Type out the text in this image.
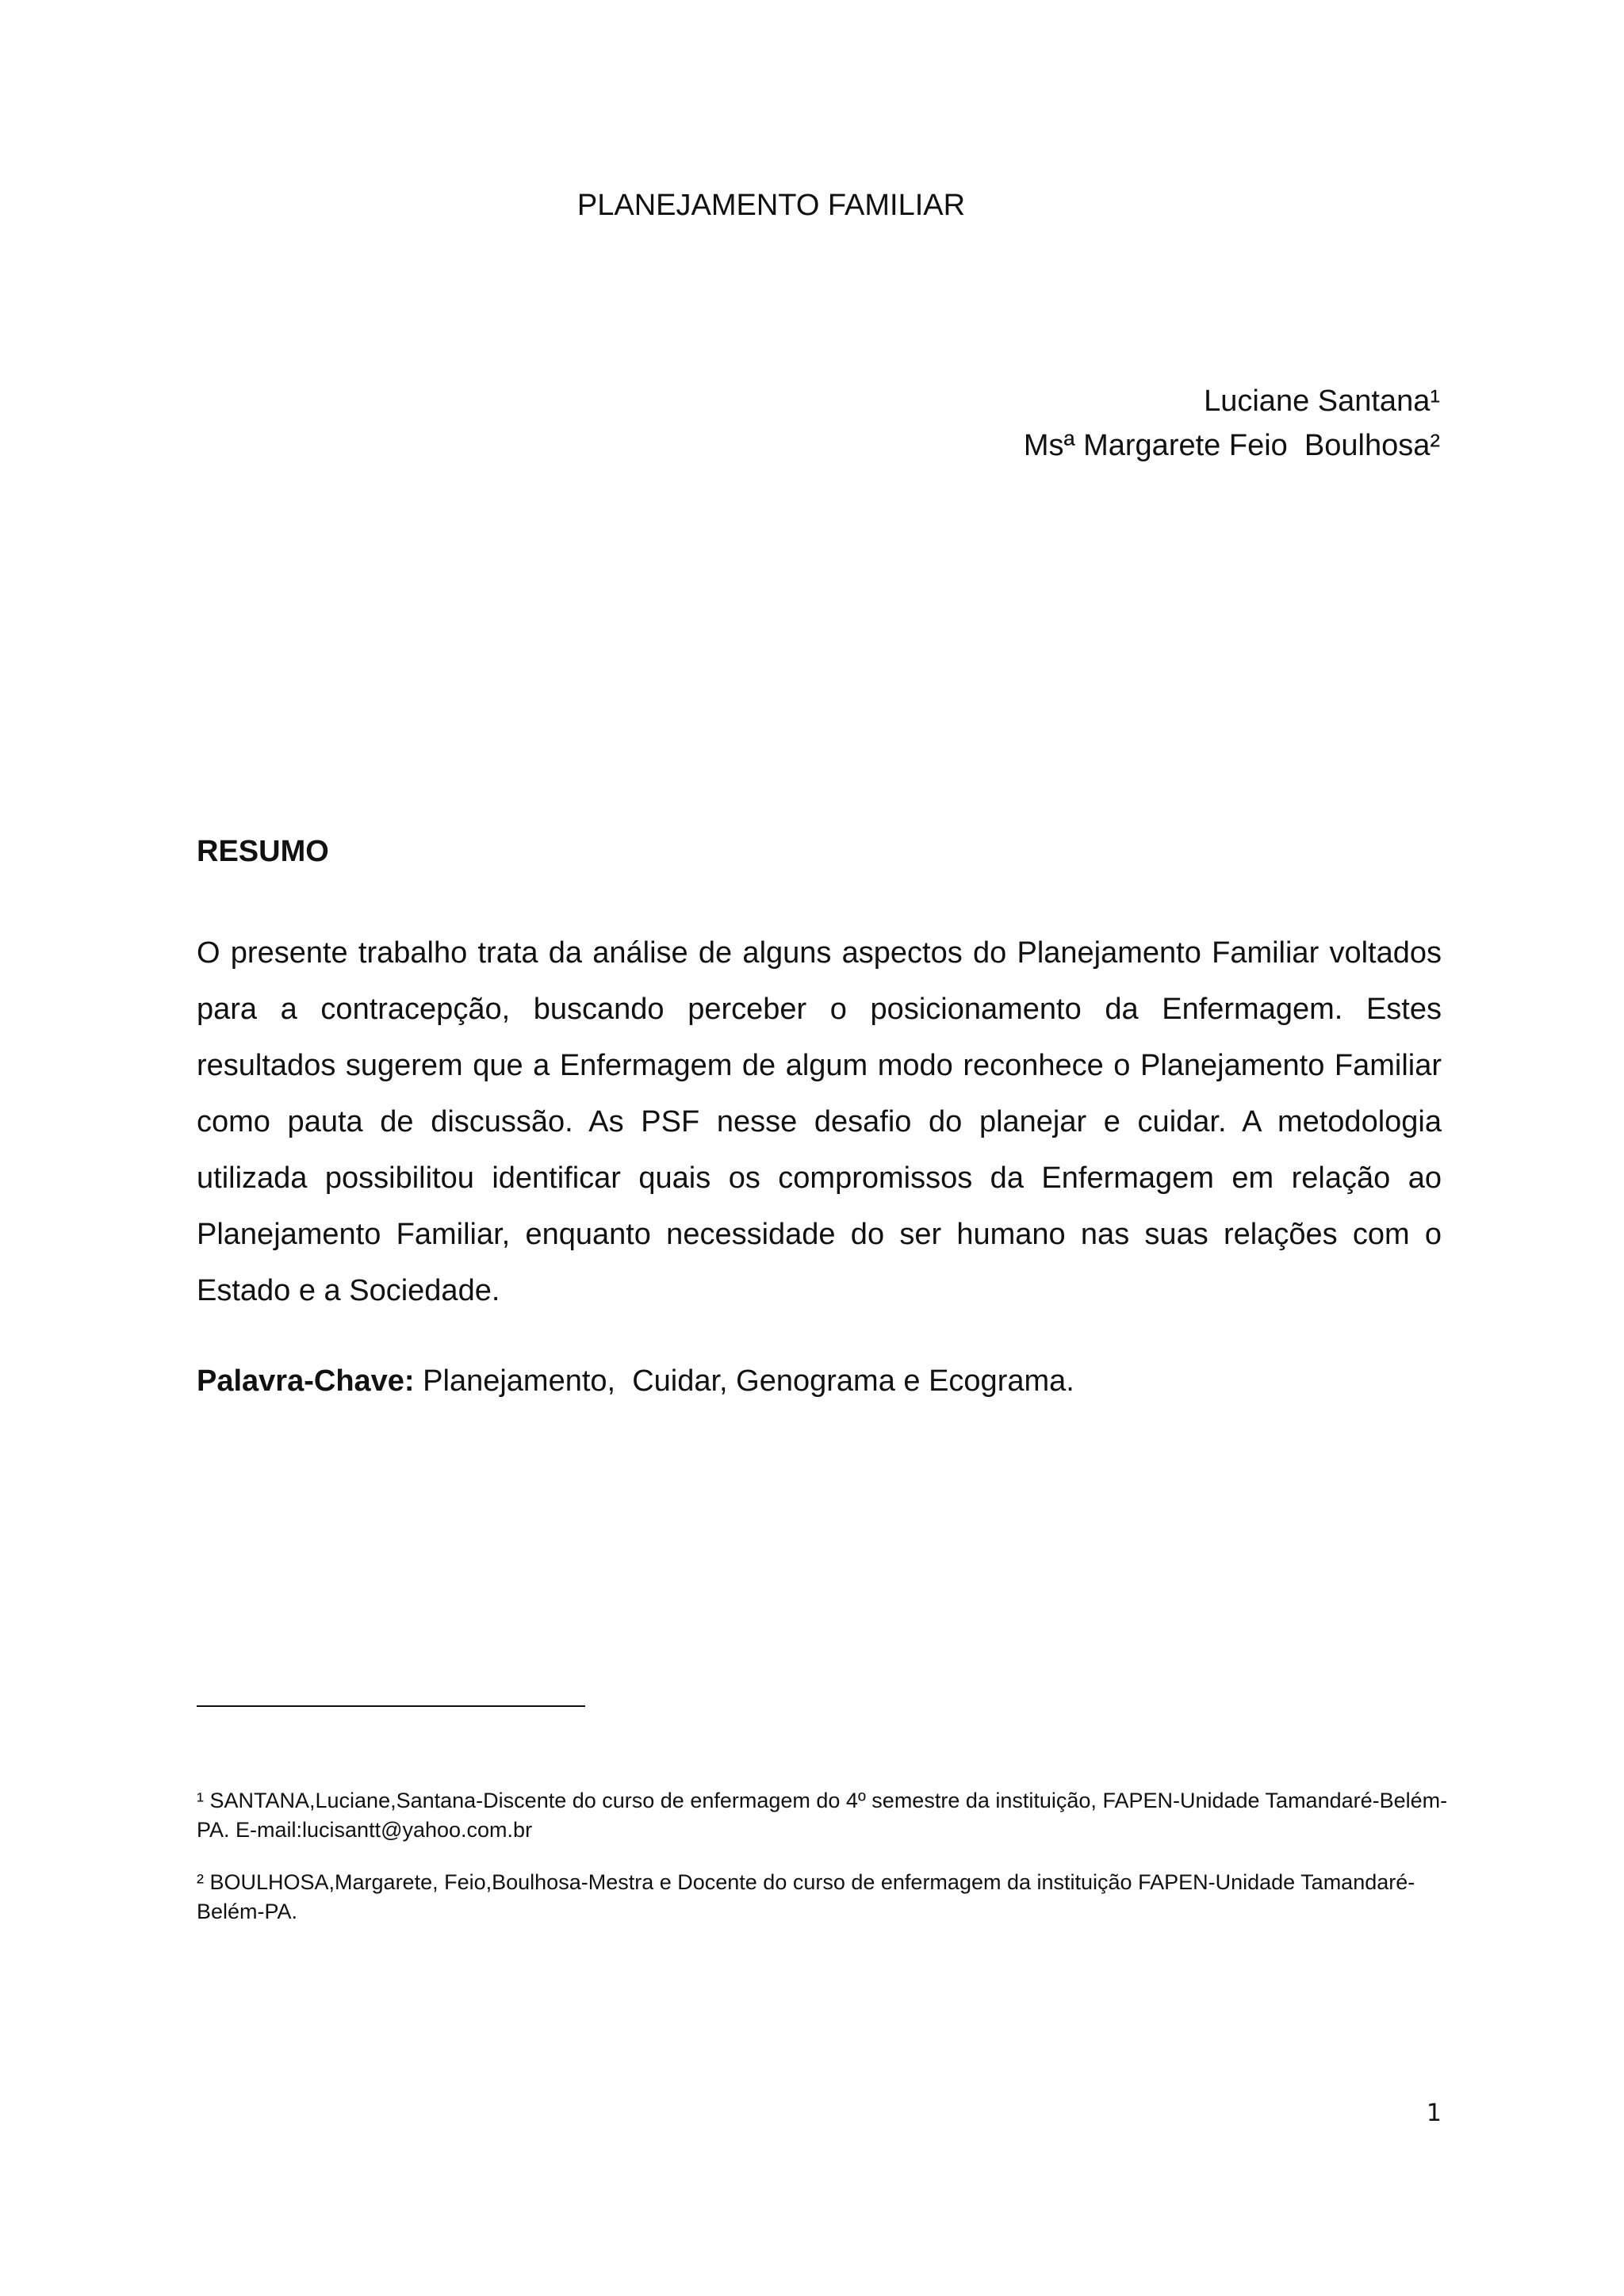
PLANEJAMENTO FAMILIAR
Luciane Santana¹
Msª Margarete Feio  Boulhosa²
RESUMO

O presente trabalho trata da análise de alguns aspectos do Planejamento Familiar voltados para a contracepção, buscando perceber o posicionamento da Enfermagem. Estes resultados sugerem que a Enfermagem de algum modo reconhece o Planejamento Familiar como pauta de discussão. As PSF nesse desafio do planejar e cuidar. A metodologia utilizada possibilitou identificar quais os compromissos da Enfermagem em relação ao Planejamento Familiar, enquanto necessidade do ser humano nas suas relações com o Estado e a Sociedade.

Palavra-Chave: Planejamento,  Cuidar, Genograma e Ecograma.

¹ SANTANA,Luciane,Santana-Discente do curso de enfermagem do 4º semestre da instituição, FAPEN-Unidade Tamandaré-Belém-PA. E-mail:lucisantt@yahoo.com.br

² BOULHOSA,Margarete, Feio,Boulhosa-Mestra e Docente do curso de enfermagem da instituição FAPEN-Unidade Tamandaré-Belém-PA.

1
